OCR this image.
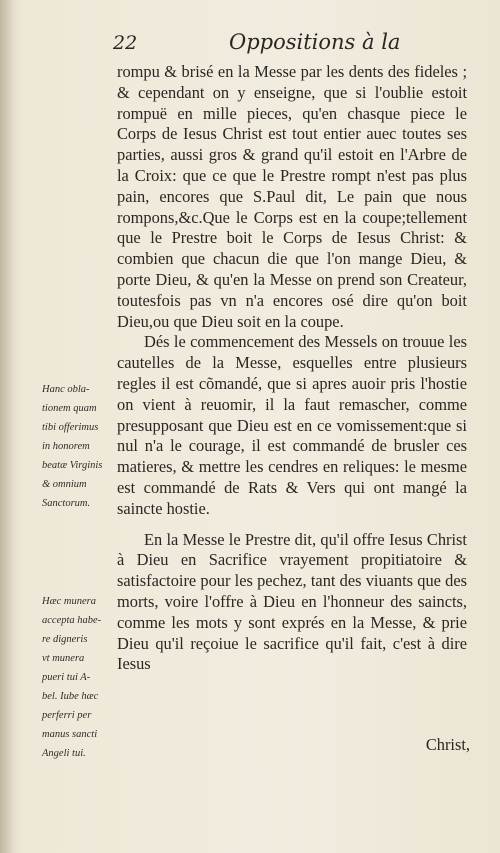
22	Oppositions à la

rompu & brisé en la Messe par les dents des fideles ; & cependant on y enseigne, que si l'oublie estoit rompuë en mille pieces, qu'en chasque piece le Corps de Iesus Christ est tout entier auec toutes ses parties, aussi gros & grand qu'il estoit en l'Arbre de la Croix: que ce que le Prestre rompt n'est pas plus pain, encores que S.Paul dit, Le pain que nous rompons,&c.Que le Corps est en la coupe;tellement que le Prestre boit le Corps de Iesus Christ: & combien que chacun die que l'on mange Dieu, & porte Dieu, & qu'en la Messe on prend son Createur, toutesfois pas vn n'a encores osé dire qu'on boit Dieu,ou que Dieu soit en la coupe.

Dés le commencement des Messels on trouue les cautelles de la Messe, esquelles entre plusieurs regles il est cõmandé, que si apres auoir pris l'hostie on vient à reuomir, il la faut remascher, comme presupposant que Dieu est en ce vomissement:que si nul n'a le courage, il est commandé de brusler ces matieres, & mettre les cendres en reliques: le mesme est commandé de Rats & Vers qui ont mangé la saincte hostie.

En la Messe le Prestre dit, qu'il offre Iesus Christ à Dieu en Sacrifice vrayement propitiatoire & satisfactoire pour les pechez, tant des viuants que des morts, voire l'offre à Dieu en l'honneur des saincts, comme les mots y sont exprés en la Messe, & prie Dieu qu'il reçoiue le sacrifice qu'il fait, c'est à dire Iesus

Christ,
Hanc obla-
tionem quam
tibi offerimus
in honorem
beatæ Virginis
& omnium
Sanctorum.
Hæc munera
accepta habe-
re digneris
vt munera
pueri tui A-
bel. Iube hæc
perferri per
manus sancti
Angeli tui.
